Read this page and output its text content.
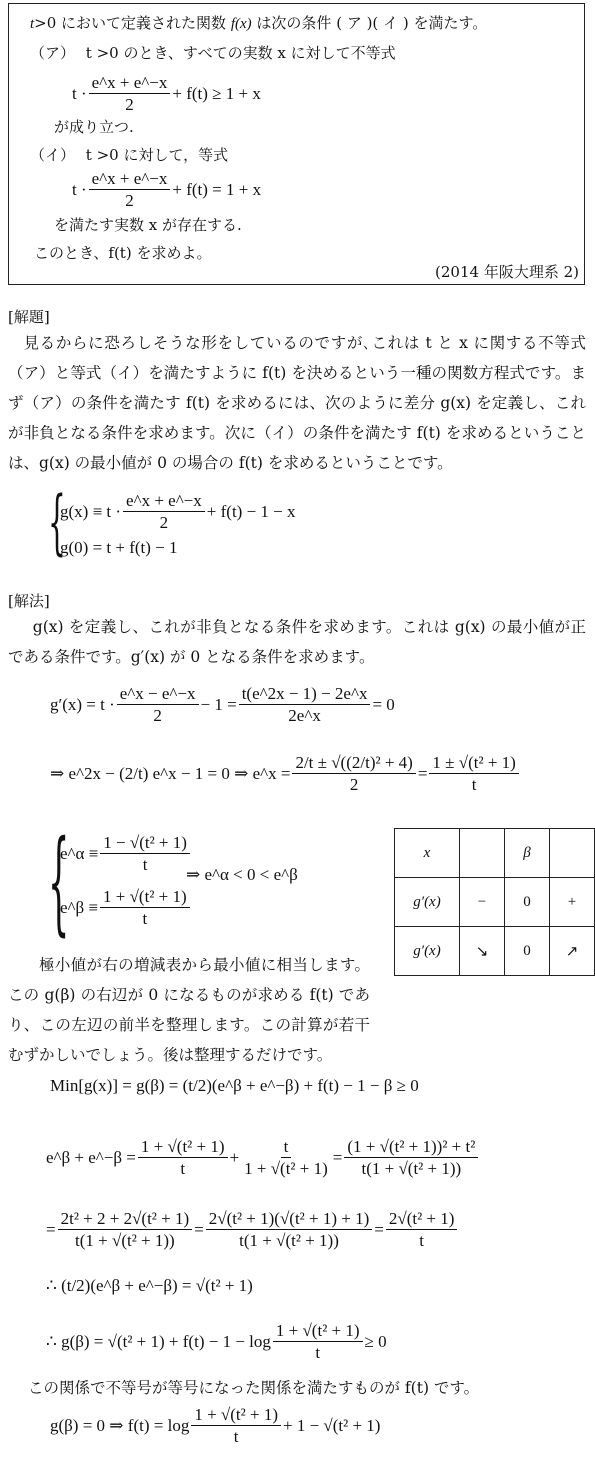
t>0 において定義された関数 f(x) は次の条件 ( ア )( イ ) を満たす。
（ア） t >0 のとき、すべての実数 x に対して不等式
$t \cdot \frac{e\^{}x + e\^{}-x}{2} + f(t) \ge 1 + x$
が成り立つ.
（イ） t >0 に対して，等式
$t \cdot \frac{e\^{}x + e\^{}-x}{2} + f(t) = 1 + x$
を満たす実数 x が存在する.
このとき、f(t) を求めよ。
(2014 年阪大理系 2)
[解題]
見るからに恐ろしそうな形をしているのですが､これは t と x に関する不等式（ア）と等式（イ）を満たすように f(t) を決めるという一種の関数方程式です。まず（ア）の条件を満たす f(t) を求めるには、次のように差分 g(x) を定義し、これが非負となる条件を求めます。次に（イ）の条件を満たす f(t) を求めるということは、g(x) の最小値が 0 の場合の f(t) を求めるということです。
{
$g(x) \equiv t \cdot \frac{e\^{}x + e\^{}-x}{2} + f(t) - 1 - x$
g(0) = t + f(t) − 1
[解法]
g(x) を定義し、これが非負となる条件を求めます。これは g(x) の最小値が正である条件です。g′(x) が 0 となる条件を求めます。
$g'(x) = t \cdot \frac{e\^{}x - e\^{}-x}{2} - 1 = \frac{t(e\^{}2x - 1) - 2e\^{}x}{2e\^{}x} = 0$
⇒ e^2x − (2/t) e^x − 1 = 0 ⇒ e^x = $\frac{\text{2/t ± √((2/t)² + 4)}}{2} = \frac{\text{1 ± √(t² + 1)}}{t}$
{
e^α ≡ $\frac{\text{1 − √(t² + 1)}}{t}$
⇒ e^α < 0 < e^β
e^β ≡ $\frac{\text{1 + √(t² + 1)}}{t}$
x		β	
g′(x)	−	0	+
g′(x)	↘	0	↗
極小値が右の増減表から最小値に相当します。この g(β) の右辺が 0 になるものが求める f(t) であり、この左辺の前半を整理します。この計算が若干むずかしいでしょう。後は整理するだけです。
Min[g(x)] = g(β) = (t/2)(e^β + e^−β) + f(t) − 1 − β ≥ 0
e^β + e^−β = $\frac{\text{1 + √(t² + 1)}}{t} + \frac{t}{\text{1 + √(t² + 1)}} = \frac{\text{(1 + √(t² + 1))² + t²}}{\text{t(1 + √(t² + 1))}}$
= $\frac{\text{2t² + 2 + 2√(t² + 1)}}{\text{t(1 + √(t² + 1))}} = \frac{\text{2√(t² + 1)(√(t² + 1) + 1)}}{\text{t(1 + √(t² + 1))}} = \frac{\text{2√(t² + 1)}}{t}$
∴ (t/2)(e^β + e^−β) = √(t² + 1)
∴ $g(\beta) = √(t^2 + 1) + f(t) - 1 - \log \frac{\text{1 + √(t² + 1)}}{t} \ge 0$
この関係で不等号が等号になった関係を満たすものが f(t) です。
g(β) = 0 ⇒ $f(t) = \log \frac{\text{1 + √(t² + 1)}}{t} + 1 - √(t^2 + 1)$
